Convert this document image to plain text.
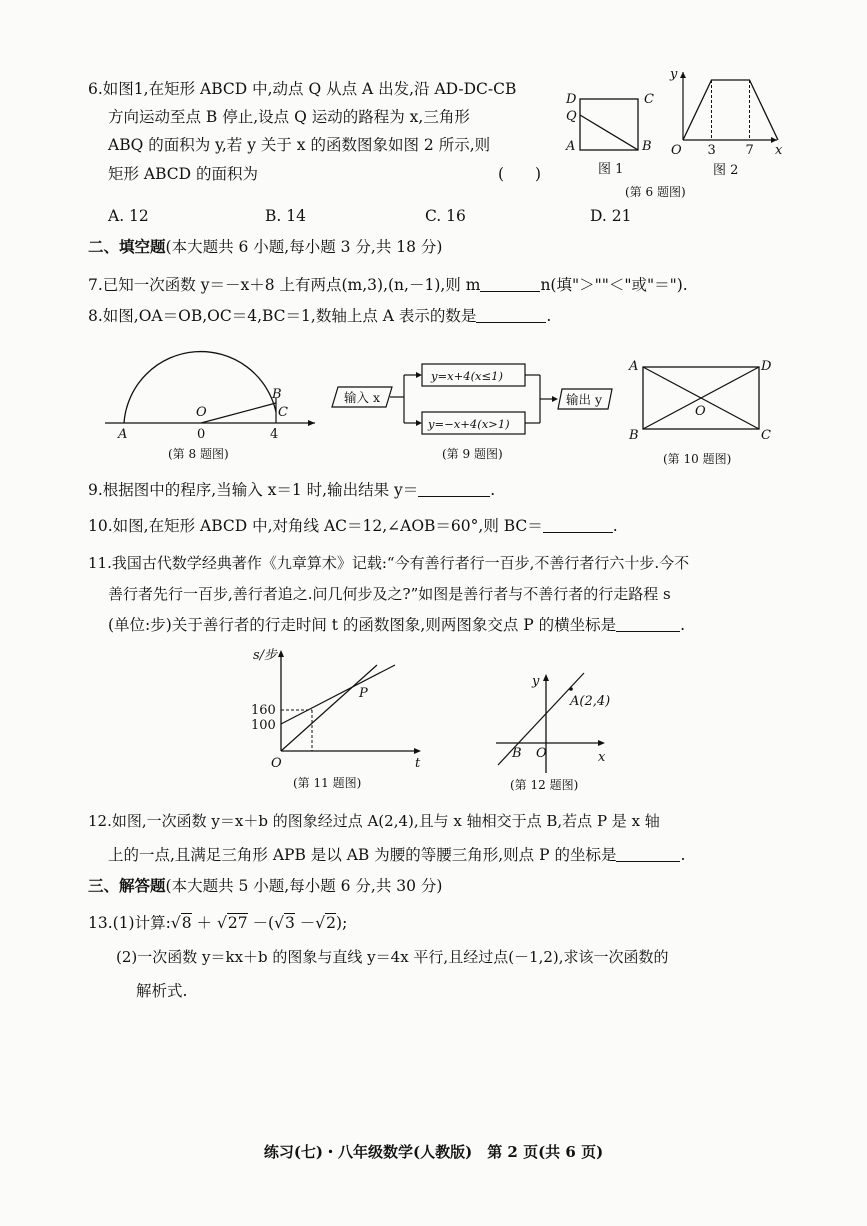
6.如图1,在矩形 ABCD 中,动点 Q 从点 A 出发,沿 AD-DC-CB
方向运动至点 B 停止,设点 Q 运动的路程为 x,三角形
ABQ 的面积为 y,若 y 关于 x 的函数图象如图 2 所示,则
矩形 ABCD 的面积为	(　　)
A. 12	B. 14	C. 16	D. 21
D	C
Q
A	B
图 1
y
O 3 7 x
图 2
(第 6 题图)
二、填空题(本大题共 6 小题,每小题 3 分,共 18 分)
7.已知一次函数 y＝－x＋8 上有两点(m,3),(n,－1),则 m	n(填"＞""＜"或"＝").
8.如图,OA＝OB,OC＝4,BC＝1,数轴上点 A 表示的数是	.
A
O
0
B
C
4
(第 8 题图)
输入 x
y=x+4(x≤1)
y=−x+4(x>1)
输出 y
(第 9 题图)
A	D
O
B	C
(第 10 题图)
9.根据图中的程序,当输入 x＝1 时,输出结果 y＝	.
10.如图,在矩形 ABCD 中,对角线 AC＝12,∠AOB＝60°,则 BC＝	.
11.我国古代数学经典著作《九章算术》记载:“今有善行者行一百步,不善行者行六十步.今不
善行者先行一百步,善行者追之.问几何步及之?”如图是善行者与不善行者的行走路程 s
(单位:步)关于善行者的行走时间 t 的函数图象,则两图象交点 P 的横坐标是	.
s/步
160
100
O
P
t
(第 11 题图)
y
A(2,4)
B O	x
(第 12 题图)
12.如图,一次函数 y＝x＋b 的图象经过点 A(2,4),且与 x 轴相交于点 B,若点 P 是 x 轴
上的一点,且满足三角形 APB 是以 AB 为腰的等腰三角形,则点 P 的坐标是	.
三、解答题(本大题共 5 小题,每小题 6 分,共 30 分)
13.(1)计算:√8 ＋ √27 －(√3 －√2);
(2)一次函数 y＝kx＋b 的图象与直线 y＝4x 平行,且经过点(－1,2),求该一次函数的
解析式.
练习(七)・八年级数学(人教版)　第 2 页(共 6 页)
